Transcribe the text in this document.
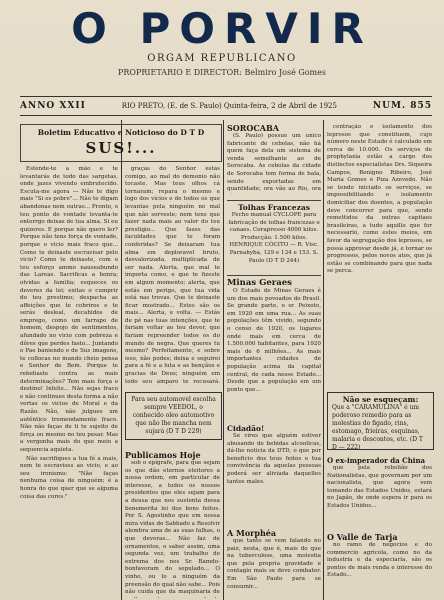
O PORVIR
ORGAM REPUBLICANO
PROPRIETARIO E DIRECTOR: Belmiro José Gomes
ANNO XXII	RIO PRETO, (E. de S. Paulo) Quinta-feira, 2 de Abril de 1925	NUM. 855
Boletim Educativo e Noticioso do D T D
SUS!...

Estende-te a mão e te levantarás de todo das sargetas, onde jazes vivendo embrutecido. Escuta-me agora — Não te digo mais "Si es pobre"... Não te digam abandonas nem outras... Pronto, o teu ponto de vontade levanta-te enterrgo deixas de tua alma. Si eu quizeres. E porque não quero ler? Porque não tens força de vontade, porque o vicio mais fraco que... Como te deixaste escravisar pelo vicio? Como te deixaste, com o teu esforço ammo nauseabundo das Lareas. Sacrificas a honra; olvidas a familia; esqueces os deveres da lei; exitas o cumprir do teu prestimo; despacha as affeições que te cobrires e te serás desleal, decahidos de emprego, como um farrapo de homem, despojo de sentimentos, afundado no vicio com pobreza e dôres que perdes fasto... Juntando o Pae baniendo o de Sus imagens, te collocas no mundo cheio pensa e Senhor de Bem. Porque te rebeliaste contra as mais determinações? Tem mais força o destino! Infeliz... Não sejas fraco e não continues desta forma a não vertas os vicios de Moral e da Razão. Não, não julgues um autêntico tremendamente fraco. Não não faças de ti te sujeito de força ou mesmo no teu pesar. Mas a vergonha mais do que meio a sequencia aquieta.

Não sacrifiques a tua fé a mais, nem te escravises ao vicio, e ao seu ironismo: "Não faças nenhuma coisa de ninguém; é a honra do que quer que se alguma coisa das cores."

graças do Senhor estás comigo, ao mal do demonio não tocaste. Mas teus olhos cá tornaram; repara o mesmo e logo dos vícios e de todos os que levantas pela ninguém no mal que não sorveste; nem tens que fazer nada mais ao valor do teu prestigio... Que fazes das faculdades que te foram conferidas? Se deixaram tua alma em deploravel bruto, desvalorizada, multiplicada de ser nada. Alerta, que mal te importa como, e que te fizeste em algum momento; alerta, que estás em perigo, que tua vida está nas trevas. Que te deixaste ficar mostrado... Estes são os mais... Alerta, e volta. — Estás de pé nas tuas intenções, que te fariam voltar ao teu dever, que fariam repreender todos os do mundo de negra. Que queres tu mesmo? Perfeitamente, e sobre isso, não podes; deixa e seguirei para a fé e a luta e as bençãos e gracias de Deus; ninguém em todo seu amparo te recusará.

Para seu automovel escolha sempre VEEDOL, o conhecido oleo automotivo que não lhe mancha nem sujará (D T D 229)
Publicamos Hoje

sob o epígrafe, para que sejam os que dão eternos eleitores a nossa ordem, em particular de interesse, a todos os nossos presidentes que eles sejam para a deusa que nos sustenta dessa benemerita lei dos bons feitos. Por S. Agostinho que em nossa mira vidas do Sabbado a Resolvir alembra uma de as suas falhas, o que deveras... Não faz de ornamentos, o saber assim, uma segunda vez, um trabalho de extrema dos nos Sr. Bamdo-bonfavoram do sepulado... O vinho, ou lo a ninguém da preensão do qual não sabe... Pois não cuida que da maquinaria de

SOROCABA

(S. Paulo) possue um unico fabricante de cebolas, não há quem faça dela um sistema de venda semelhante ao de Sorocaba. As cebolas da cidade de Sorocaba tem forma de bala, sendo exportadas em quantidade; ora vão ao Rio, ora

Tolhas Francezas

Fecho manual CYCLOPE para fabricação de tolhas francezas e canaes. Corapresso 4000 kilos. Producção. 1.500 kilos. HENRIQUE CÓCITO — R. Visc. Parnahyba, 129 e 134 e 153. S. Paulo (D T D 244)

Minas Geraes

O Estado de Minas Geraes é um dos mais povoados do Brasil. Se grande parte, o sr. Peixoto, em 1920 em uma rua... As suas populações têm vivido, segundo o censo de 1920, os lugares onde mais em cerca de 1.500.000 habitantes, para 1920 mais de 6 milhões... As mais importantes cidades de população acima da capital central, de cada nesse Estado... Desde que a população em um ponto que...

Cidadão!

Se vires que alguém estiver abusando de bebidas alcoolicas, dá-lhe noticia da DTD, o que por beneficio dos teus feitos e tua convivência da aquelas pessoas poderá ser aliviada daquelles tantos males.

A Morphéa

que tanto se vem falando no paiz, nesta, que é, mais do que na tuberculose, uma molestia que pela propria gravidade e contagio mais se deve combater. Em São Paulo para se consumir...

centração e isolamento dos leprosos que constituem, cujo número neste Estado é calculado em cerca de 10.000. Os serviços de prophylaxia estão a cargo dos distinctos especialistas Drs. Siqueira Campos, Benigno Ribeiro, José Maria Gomes e Piza Azevedo. Não se tendo iniciado os serviços, se impossibilitando o isolamento domiciliar dos doentes, a população deve concorrer para que, sendo remettidos da outras capitaes brasileiras, a tudo aquillo que for necessario, como estes meios, em favor da segregação dos leprosos, se possa approvar desde já, e tornar os progressos, pelos novos atos, que já estão se combinando para que nada se perca.

Não se esqueçam:
Que a "CARAMULINA" é um poderoso remedio para as molestias do figado, rins, estomago, frieiras, esquinas, malaria e descontos, etc. (D T D — 222)
O ex-imperador da China

que pela rebelião dos Nationalistas, que governam por um nacionalista, que agora vem tomando das Estados Unidos, estará no Japão, de onde espera ir para os Estados Unidos...

O Valle de Tarja

no ramo de negocios e do commercio agricola, como no da industria e da especiaria, são os pontos de mais renda e interesse do Estado...
